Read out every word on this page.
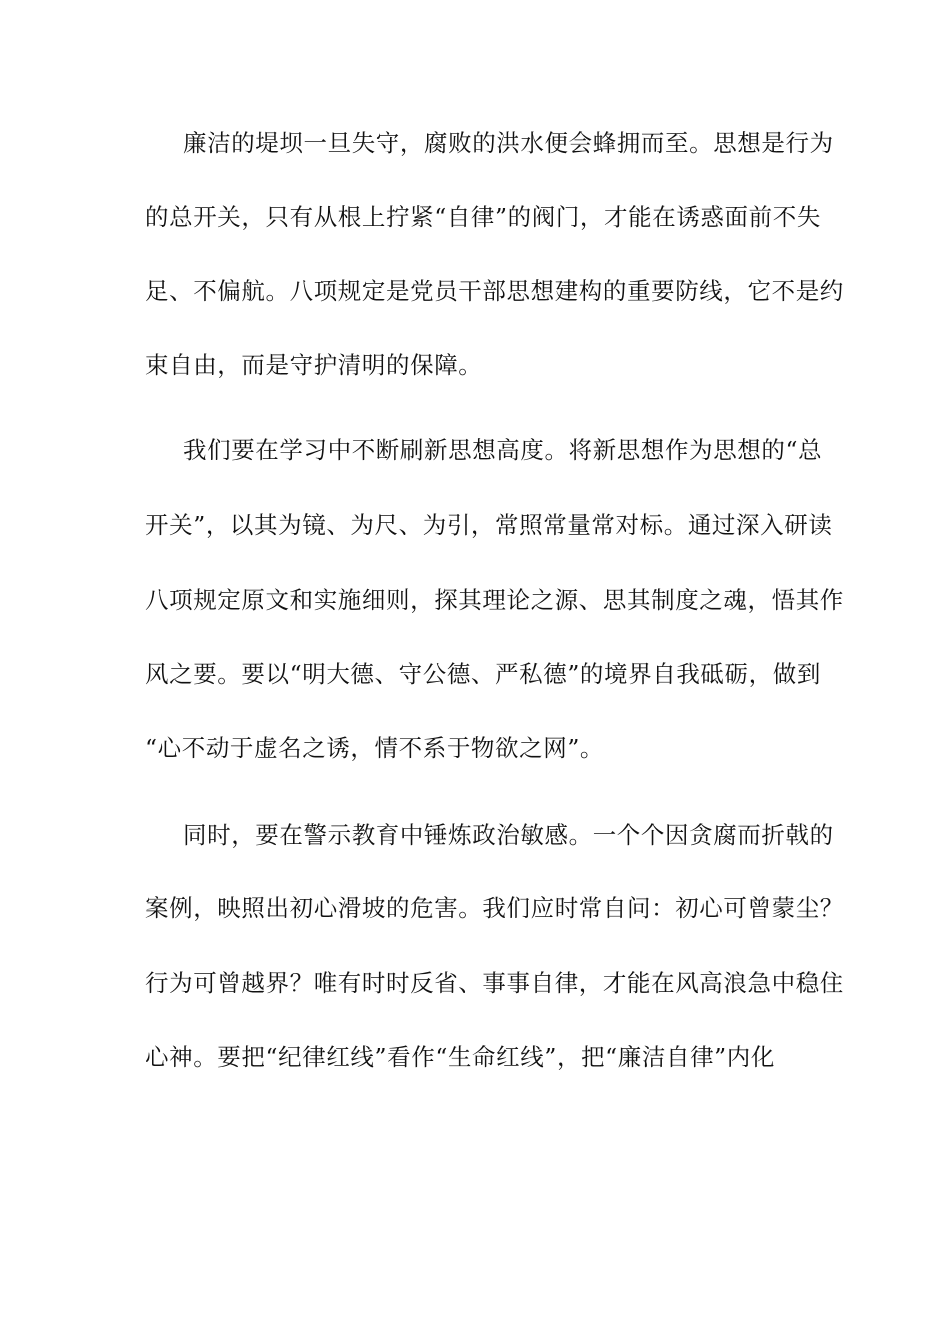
廉洁的堤坝一旦失守，腐败的洪水便会蜂拥而至。思想是行为
的总开关，只有从根上拧紧“自律”的阀门，才能在诱惑面前不失
足、不偏航。八项规定是党员干部思想建构的重要防线，它不是约
束自由，而是守护清明的保障。
我们要在学习中不断刷新思想高度。将新思想作为思想的“总
开关”，以其为镜、为尺、为引，常照常量常对标。通过深入研读
八项规定原文和实施细则，探其理论之源、思其制度之魂，悟其作
风之要。要以“明大德、守公德、严私德”的境界自我砥砺，做到
“心不动于虚名之诱，情不系于物欲之网”。
同时，要在警示教育中锤炼政治敏感。一个个因贪腐而折戟的
案例，映照出初心滑坡的危害。我们应时常自问：初心可曾蒙尘？
行为可曾越界？唯有时时反省、事事自律，才能在风高浪急中稳住
心神。要把“纪律红线”看作“生命红线”，把“廉洁自律”内化
